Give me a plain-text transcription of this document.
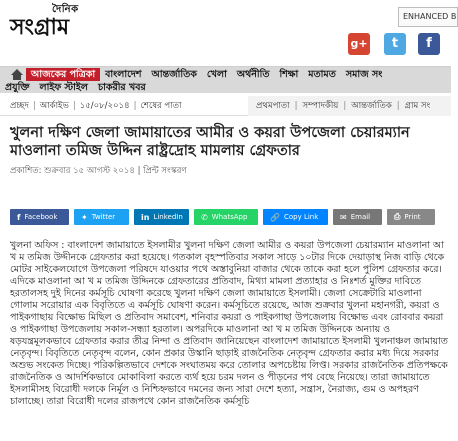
দৈনিক
সংগ্রাম	ENHANCED B
g+	t	f
আজকের পত্রিকা	বাংলাদেশ	আন্তর্জাতিক	খেলা	অর্থনীতি	শিক্ষা	মতামত	সমাজ সং
প্রযুক্তি	লাইফ স্টাইল	চাকরীর খবর
প্রচ্ছদ | আর্কাইভ | ১৫/০৮/২০১৪ | শেষের পাতা	প্রথমপাতা | সম্পাদকীয় | আন্তর্জাতিক | গ্রাম সং
খুলনা দক্ষিণ জেলা জামায়াতের আমীর ও কয়রা উপজেলা চেয়ারম্যান মাওলানা তমিজ উদ্দিন রাষ্ট্রদ্রোহ মামলায় গ্রেফতার
প্রকাশিত: শুক্রবার ১৫ আগস্ট ২০১৪ | প্রিন্ট সংস্করণ
f Facebook	✦ Twitter	in LinkedIn ✆ WhatsApp	🔗 Copy Link	✉ Email	⎙ Print

খুলনা অফিস : বাংলাদেশ জামায়াতে ইসলামীর খুলনা দক্ষিণ জেলা আমীর ও কয়রা উপজেলা চেয়ারম্যান মাওলানা আ খ ম তমিজ উদ্দীনকে গ্রেফতার করা হয়েছে। গতকাল বৃহস্পতিবার সকাল সাড়ে ১০টার দিকে দেয়াড়াস্থ নিজ বাড়ি থেকে মোটর সাইকেলযোগে উপজেলা পরিষদে যাওয়ার পথে অস্তাবুনিয়া বাজার থেকে তাকে করা হলে পুলিশ গ্রেফতার করে। এদিকে মাওলানা আ খ ম তমিজ উদ্দিনকে গ্রেফতারের প্রতিবাদ, মিথ্যা মামলা প্রত্যাহার ও নিঃশর্ত মুক্তির দাবিতে হরতালসহ দুই দিনের কর্মসূচি ঘোষণা করেছে খুলনা দক্ষিণ জেলা জামায়াতে ইসলামী। জেলা সেক্রেটারি মাওলানা গোলাম সরোয়ার এক বিবৃতিতে এ কর্মসূচি ঘোষণা করেন। কর্মসূচিতে রয়েছে, আজ শুক্রবার খুলনা মহানগরী, কয়রা ও পাইকগাছায় বিক্ষোভ মিছিল ও প্রতিবাদ সমাবেশ, শনিবার কয়রা ও পাইকগাছা উপজেলায় বিক্ষোভ এবং রোববার কয়রা ও পাইকগাছা উপজেলায় সকাল-সন্ধ্যা হরতাল। অপরদিকে মাওলানা আ খ ম তমিজ উদ্দিনকে অন্যায় ও ষড়যন্ত্রমূলকভাবে গ্রেফতার করার তীব্র নিন্দা ও প্রতিবাদ জানিয়েছেন বাংলাদেশ জামায়াতে ইসলামী খুলনাঞ্চল জামায়াত নেতৃবৃন্দ। বিবৃতিতে নেতৃবৃন্দ বলেন, কোন প্রকার উস্কানি ছাড়াই রাজনৈতিক নেতৃবৃন্দ গ্রেফতার করার মধ্য দিয়ে সরকার অশুভ সংকেত দিচ্ছে। পরিকল্পিতভাবে দেশকে সংঘাতময় করে তোলার অপচেষ্টায় লিপ্ত। সরকার রাজনৈতিক প্রতিপক্ষকে রাজনৈতিক ও আদর্শিকভাবে মোকাবিলা করতে ব্যর্থ হয়ে চরম দলন ও পীড়নের পথ বেছে নিয়েছে। তারা জামায়াতে ইসলামীসহ বিরোধী দলকে নির্মূল ও নিশ্চিহ্নভাবে দমনের জন্য সারা দেশে হত্যা, সন্ত্রাস, নৈরাজ্য, গুম ও অপহরণ চালাচ্ছে। তারা বিরোধী দলের রাজপথে কোন রাজনৈতিক কর্মসূচি
